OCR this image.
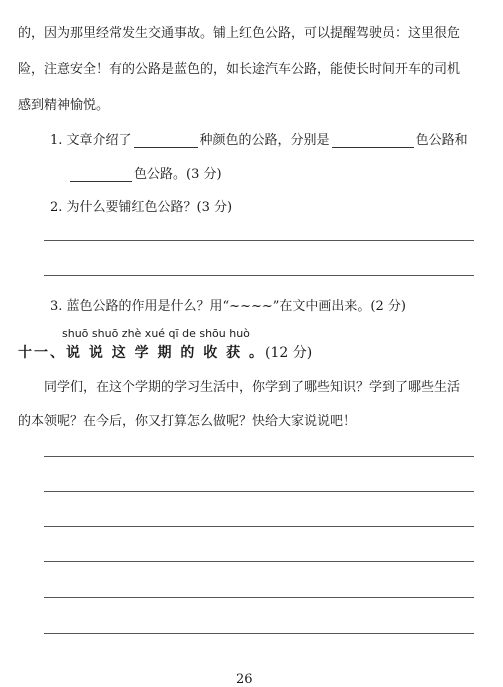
的，因为那里经常发生交通事故。铺上红色公路，可以提醒驾驶员：这里很危
险，注意安全！有的公路是蓝色的，如长途汽车公路，能使长时间开车的司机
感到精神愉悦。
1. 文章介绍了	种颜色的公路，分别是	色公路和
色公路。(3 分)
2. 为什么要铺红色公路？(3 分)
3. 蓝色公路的作用是什么？用“~~~~”在文中画出来。(2 分)
shuō shuō zhè xué qī de shōu huò
十一、说 说 这 学 期 的 收 获 。(12 分)
同学们，在这个学期的学习生活中，你学到了哪些知识？学到了哪些生活
的本领呢？在今后，你又打算怎么做呢？快给大家说说吧！
26
